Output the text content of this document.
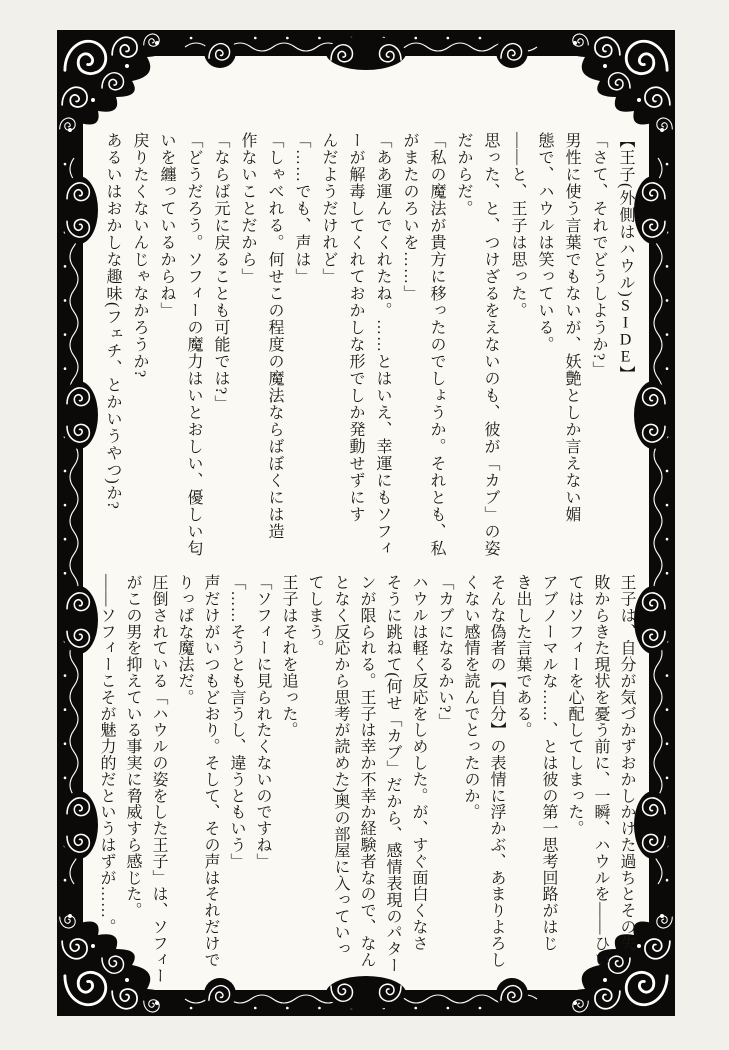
【王子(外側はハウル)SIDE】

「さて、それでどうしようか?」

男性に使う言葉でもないが、妖艶としか言えない媚

態で、ハウルは笑っている。

――と、王子は思った。

思った、と、つけざるをえないのも、彼が「カブ」の姿

だからだ。

「私の魔法が貴方に移ったのでしょうか。それとも、私

がまたのろいを……」

「ああ運んでくれたね。……とはいえ、幸運にもソフィ

ーが解毒してくれておかしな形でしか発動せずにす

んだようだけれど」

「……でも、声は」

「しゃべれる。何せこの程度の魔法ならばぼくには造

作ないことだから」

「ならば元に戻ることも可能では?」

「どうだろう。ソフィーの魔力はいとおしい、優しい匂

いを纏っているからね」

戻りたくないんじゃなかろうか?

あるいはおかしな趣味(フェチ、とかいうやつ)か?

王子は、自分が気づかずおかしかけた過ちとその失

敗からきた現状を憂う前に、一瞬、ハウルを――ひい

てはソフィーを心配してしまった。

アブノーマルな……、とは彼の第一思考回路がはじ

き出した言葉である。

そんな偽者の【自分】の表情に浮かぶ、あまりよろし

くない感情を読んでとったのか。

「カブになるかい?」

ハウルは軽く反応をしめした。が、すぐ面白くなさ

そうに跳ねて(何せ「カブ」だから、感情表現のパター

ンが限られる。王子は幸か不幸か経験者なので、なん

となく反応から思考が読めた)奥の部屋に入っていっ

てしまう。

王子はそれを追った。

「ソフィーに見られたくないのですね」

「……そうとも言うし、違うともいう」

声だけがいつもどおり。そして、その声はそれだけで

りっぱな魔法だ。

圧倒されている「ハウルの姿をした王子」は、ソフィー

がこの男を抑えている事実に脅威すら感じた。

――ソフィーこそが魅力的だというはずが……。
